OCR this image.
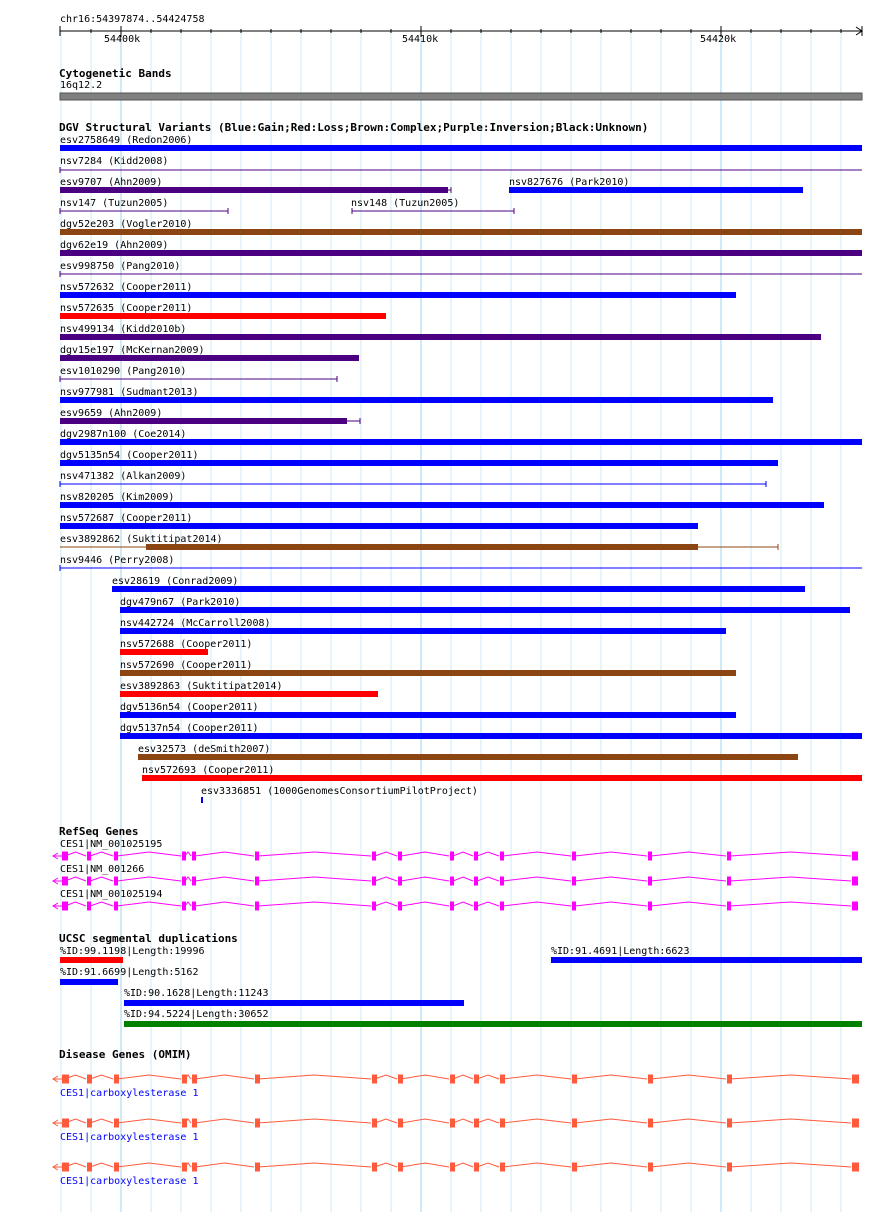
chr16:54397874..54424758
54400k	54410k	54420k
Cytogenetic Bands
16q12.2
DGV Structural Variants (Blue:Gain;Red:Loss;Brown:Complex;Purple:Inversion;Black:Unknown)
esv2758649 (Redon2006)
nsv7284 (Kidd2008)
esv9707 (Ahn2009)	nsv827676 (Park2010)
nsv147 (Tuzun2005)	nsv148 (Tuzun2005)
dgv52e203 (Vogler2010)
dgv62e19 (Ahn2009)
esv998750 (Pang2010)
nsv572632 (Cooper2011)
nsv572635 (Cooper2011)
nsv499134 (Kidd2010b)
dgv15e197 (McKernan2009)
esv1010290 (Pang2010)
nsv977981 (Sudmant2013)
esv9659 (Ahn2009)
dgv2987n100 (Coe2014)
dgv5135n54 (Cooper2011)
nsv471382 (Alkan2009)
nsv820205 (Kim2009)
nsv572687 (Cooper2011)
esv3892862 (Suktitipat2014)
nsv9446 (Perry2008)
esv28619 (Conrad2009)
dgv479n67 (Park2010)
nsv442724 (McCarroll2008)
nsv572688 (Cooper2011)
nsv572690 (Cooper2011)
esv3892863 (Suktitipat2014)
dgv5136n54 (Cooper2011)
dgv5137n54 (Cooper2011)
esv32573 (deSmith2007)
nsv572693 (Cooper2011)
esv3336851 (1000GenomesConsortiumPilotProject)
RefSeq Genes
CES1|NM_001025195
CES1|NM_001266
CES1|NM_001025194
UCSC segmental duplications
%ID:99.1198|Length:19996	%ID:91.4691|Length:6623
%ID:91.6699|Length:5162
%ID:90.1628|Length:11243
%ID:94.5224|Length:30652
Disease Genes (OMIM)
CES1|carboxylesterase 1
CES1|carboxylesterase 1
CES1|carboxylesterase 1
